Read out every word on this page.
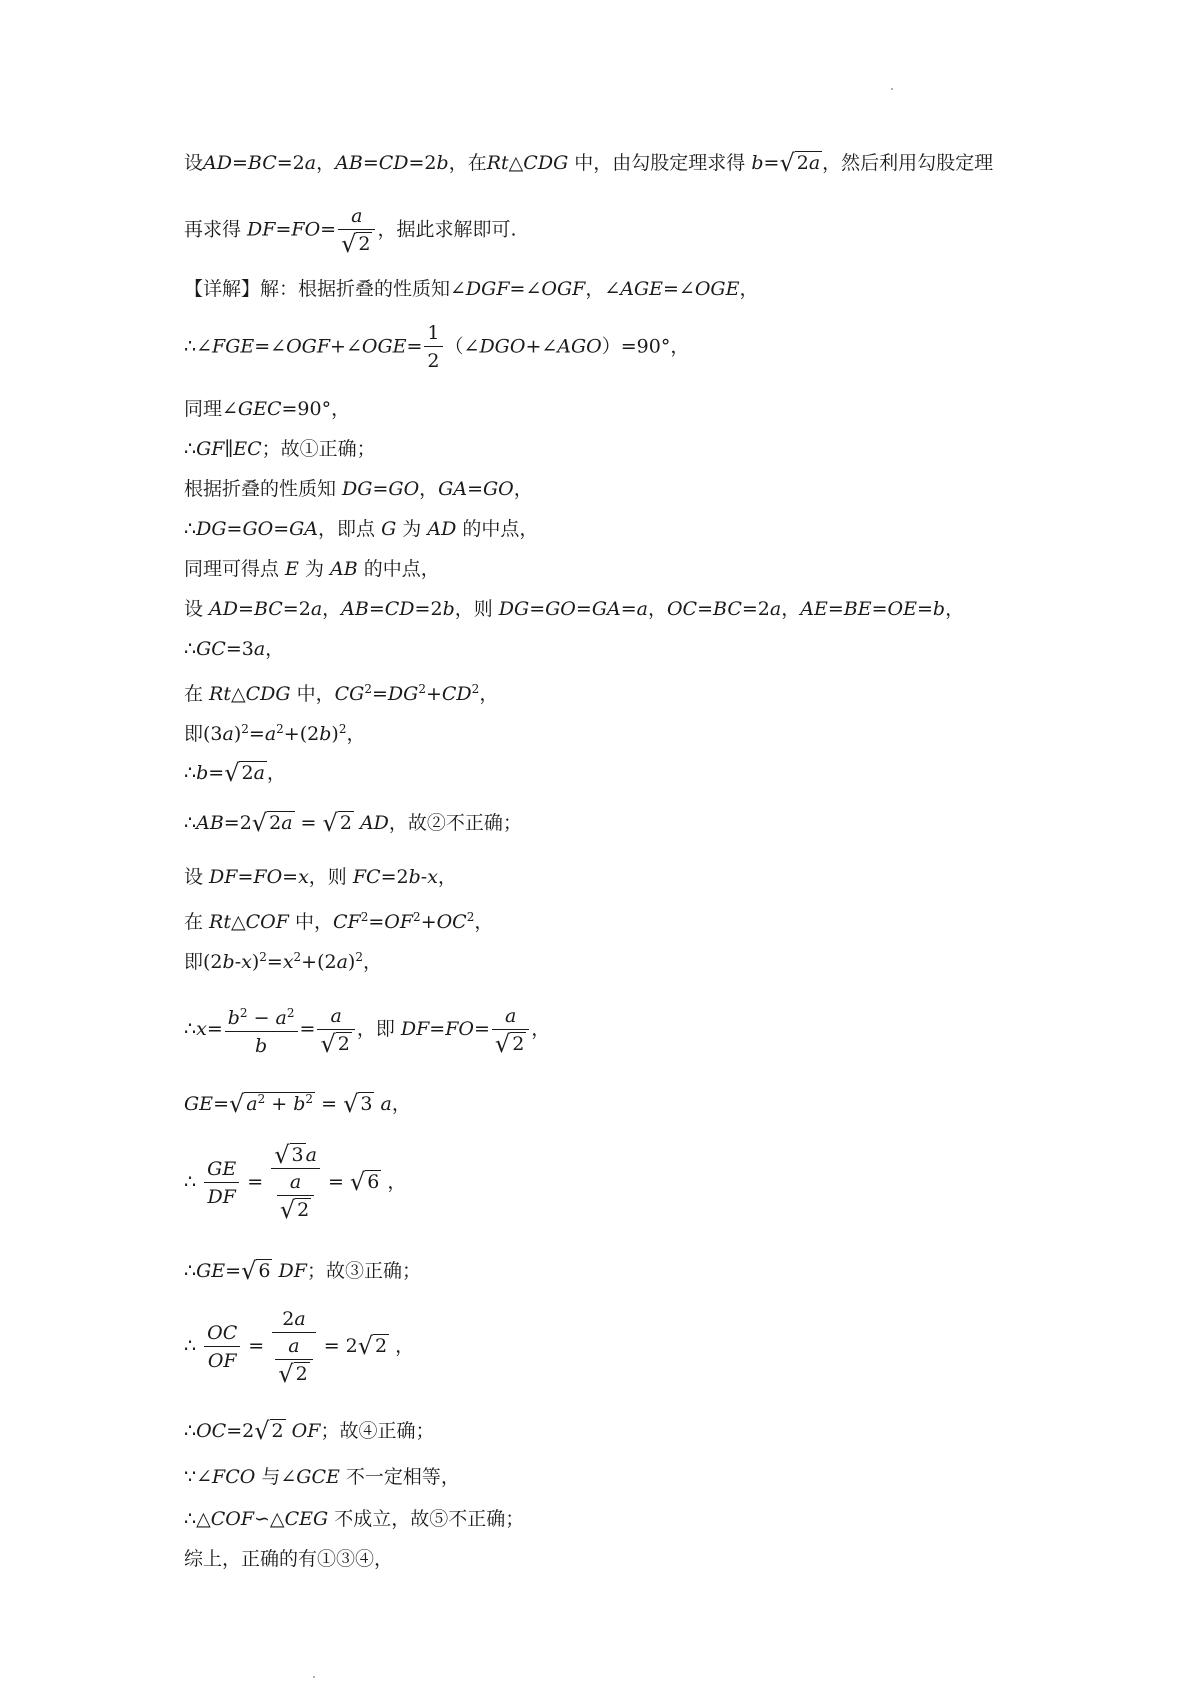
设AD=BC=2a，AB=CD=2b，在Rt△CDG 中，由勾股定理求得 b=√ 2a ，然后利用勾股定理
再求得 $DF=FO= \frac{a}{√ 2}$ ，据此求解即可.
【详解】解：根据折叠的性质知∠DGF=∠OGF，∠AGE=∠OGE，
∴∠FGE=∠OGF+∠OGE= $\frac{1}{2}$ （∠DGO+∠AGO）=90°，
同理∠GEC=90°，
∴GF∥EC；故①正确；
根据折叠的性质知 DG=GO，GA=GO，
∴DG=GO=GA，即点 G 为 AD 的中点，
同理可得点 E 为 AB 的中点，
设 AD=BC=2a，AB=CD=2b，则 DG=GO=GA=a，OC=BC=2a，AE=BE=OE=b，
∴GC=3a，
在 Rt△CDG 中，$CG^2=DG^2+CD^2$，
即$(3a)^2=a^2+(2b)^2$，
∴b=√ 2a ，
∴AB=2√ 2a = √ 2 AD，故②不正确；
设 DF=FO=x，则 FC=2b-x，
在 Rt△COF 中，$CF^2=OF^2+OC^2$，
即$(2b-x)^2=x^2+(2a)^2$，
∴x= $\frac{b^2 - a^2}{b} = \frac{a}{√ 2}$ ，即 $DF=FO= \frac{a}{√ 2}$ ，
GE=√ $a^2 + b^2$ = √ 3 a，
∴ $\frac{GE}{DF} = \frac{√ 3 a}{\frac{a}{√ 2}}$ = √ 6 ，
∴GE=√ 6 DF；故③正确；
∴ $\frac{OC}{OF} = \frac{2a}{\frac{a}{√ 2}} = 2√$ 2 ，
∴OC=2√ 2 OF；故④正确；
∵∠FCO 与∠GCE 不一定相等，
∴△COF∽△CEG 不成立，故⑤不正确；
综上，正确的有①③④，
